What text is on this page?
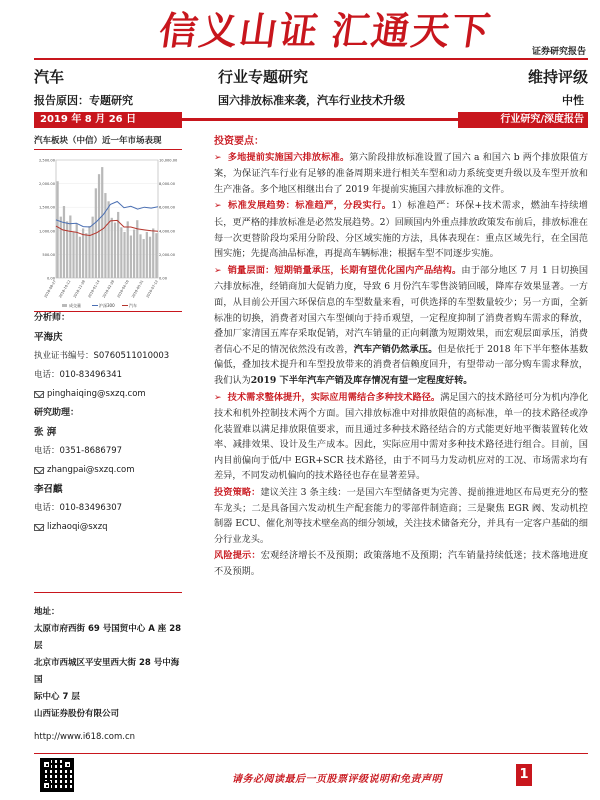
信义山证 汇通天下	证券研究报告
汽车	行业专题研究	维持评级
报告原因：专题研究	国六排放标准来袭，汽车行业技术升级	中性
2019 年 8 月 26 日	行业研究/深度报告
汽车板块（中信）近一年市场表现
2,500.00
2,000.00
1,500.00
1,000.00
500.00
0.00
10,000.00
8,000.00
6,000.00
4,000.00
2,000.00
0.00
2018-08-27 2018-10-12 2018-11-28 2019-01-14 2019-02-28 2019-04-16 2019-05-31 2019-07-12
成交量	沪深300	汽车

分析师：

平海庆

执业证书编号：S0760511010003

电话：010-83496341

pinghaiqing@sxzq.com

研究助理：

张 湃

电话：0351-8686797

zhangpai@sxzq.com

李召麒

电话：010-83496307

lizhaoqi@sxzq

地址：
太原市府西街 69 号国贸中心 A 座 28 层
北京市西城区平安里西大街 28 号中海国
际中心 7 层
山西证券股份有限公司
http://www.i618.com.cn
投资要点：
➢ 多地提前实施国六排放标准。第六阶段排放标准设置了国六 a 和国六 b 两个排放限值方案，为保证汽车行业有足够的准备周期来进行相关车型和动力系统变更升级以及车型开放和生产准备。多个地区相继出台了 2019 年提前实施国六排放标准的文件。
➢ 标准发展趋势：标准趋严，分段实行。1）标准趋严：环保+技术需求，燃油车持续增长，更严格的排放标准是必然发展趋势。2）回顾国内外重点排放政策发布前后，排放标准在每一次更替阶段均采用分阶段、分区域实施的方法，具体表现在：重点区域先行，在全国范围实施；先提高油品标准，再提高车辆标准；根据车型不同逐步实施。
➢ 销量层面：短期销量承压，长期有望优化国内产品结构。由于部分地区 7 月 1 日切换国六排放标准，经销商加大促销力度，导致 6 月份汽车零售淡销回暖，降库存效果显著。一方面，从目前公开国六环保信息的车型数量来看，可供选择的车型数量较少；另一方面，全新标准的切换，消费者对国六车型倾向于持币观望，一定程度抑制了消费者购车需求的释放，叠加厂家清国五库存采取促销，对汽车销量的正向刺激为短期效果，而宏观层面承压，消费者信心不足的情况依然没有改善，汽车产销仍然承压。但是依托于 2018 年下半年整体基数偏低，叠加技术提升和车型投放带来的消费者信赖度回升，有望带动一部分购车需求释放，我们认为2019 下半年汽车产销及库存情况有望一定程度好转。
➢ 技术需求整体提升，实际应用需结合多种技术路径。满足国六的技术路径可分为机内净化技术和机外控制技术两个方面。国六排放标准中对排放限值的高标准，单一的技术路径或净化装置难以满足排放限值要求，而且通过多种技术路径结合的方式能更好地平衡装置转化效率、减排效果、设计及生产成本。因此，实际应用中需对多种技术路径进行组合。目前，国内目前偏向于低/中 EGR+SCR 技术路径，由于不同马力发动机应对的工况、市场需求均有差异，不同发动机偏向的技术路径也存在显著差异。
投资策略：建议关注 3 条主线：一是国六车型储备更为完善、提前推进地区布局更充分的整车龙头；二是具备国六发动机生产配套能力的零部件制造商；三是聚焦 EGR 阀、发动机控制器 ECU、催化剂等技术壁垒高的细分领域，关注技术储备充分，并具有一定客户基础的细分行业龙头。
风险提示：宏观经济增长不及预期；政策落地不及预期；汽车销量持续低迷；技术落地进度不及预期。
请务必阅读最后一页股票评级说明和免责声明	1
